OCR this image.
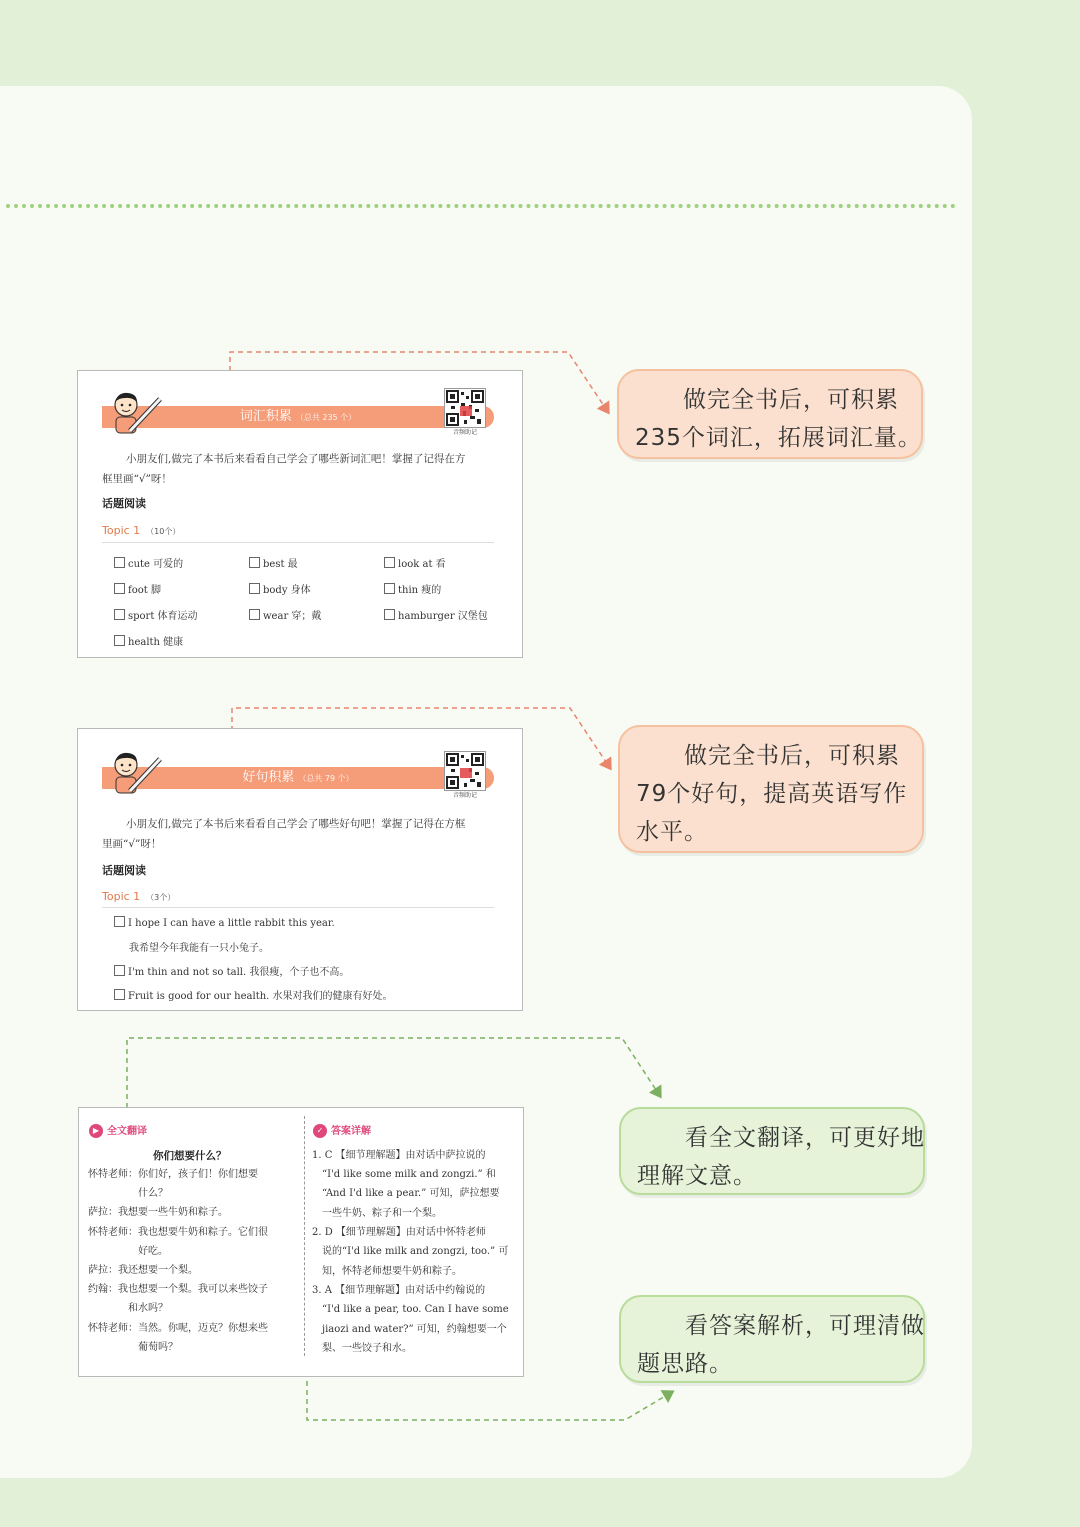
词汇积累 （总共 235 个）
音频助记
小朋友们,做完了本书后来看看自己学会了哪些新词汇吧！掌握了记得在方
框里画“√”呀！
话题阅读
Topic 1 （10个）
cute 可爱的	best 最	look at 看
foot 脚	body 身体	thin 瘦的
sport 体育运动	wear 穿；戴	hamburger 汉堡包
health 健康
做完全书后，可积累
235个词汇，拓展词汇量。
好句积累 （总共 79 个）
音频助记
小朋友们,做完了本书后来看看自己学会了哪些好句吧！掌握了记得在方框
里画“√”呀！
话题阅读
Topic 1 （3个）
I hope I can have a little rabbit this year.
我希望今年我能有一只小兔子。
I'm thin and not so tall. 我很瘦，个子也不高。
Fruit is good for our health. 水果对我们的健康有好处。
做完全书后，可积累
79个好句，提高英语写作
水平。
▶ 全文翻译	✓ 答案详解
你们想要什么？
怀特老师：你们好，孩子们！你们想要
　　　　　什么？
萨拉：我想要一些牛奶和粽子。
怀特老师：我也想要牛奶和粽子。它们很
　　　　　好吃。
萨拉：我还想要一个梨。
约翰：我也想要一个梨。我可以来些饺子
　　　　和水吗？
怀特老师：当然。你呢，迈克？你想来些
　　　　　葡萄吗？
1. C 【细节理解题】由对话中萨拉说的
　“I'd like some milk and zongzi.” 和
　“And I'd like a pear.” 可知，萨拉想要
　一些牛奶、粽子和一个梨。
2. D 【细节理解题】由对话中怀特老师
　说的“I'd like milk and zongzi, too.” 可
　知，怀特老师想要牛奶和粽子。
3. A 【细节理解题】由对话中约翰说的
　“I'd like a pear, too. Can I have some
　jiaozi and water?” 可知，约翰想要一个
　梨、一些饺子和水。
看全文翻译，可更好地
理解文意。
看答案解析，可理清做
题思路。
